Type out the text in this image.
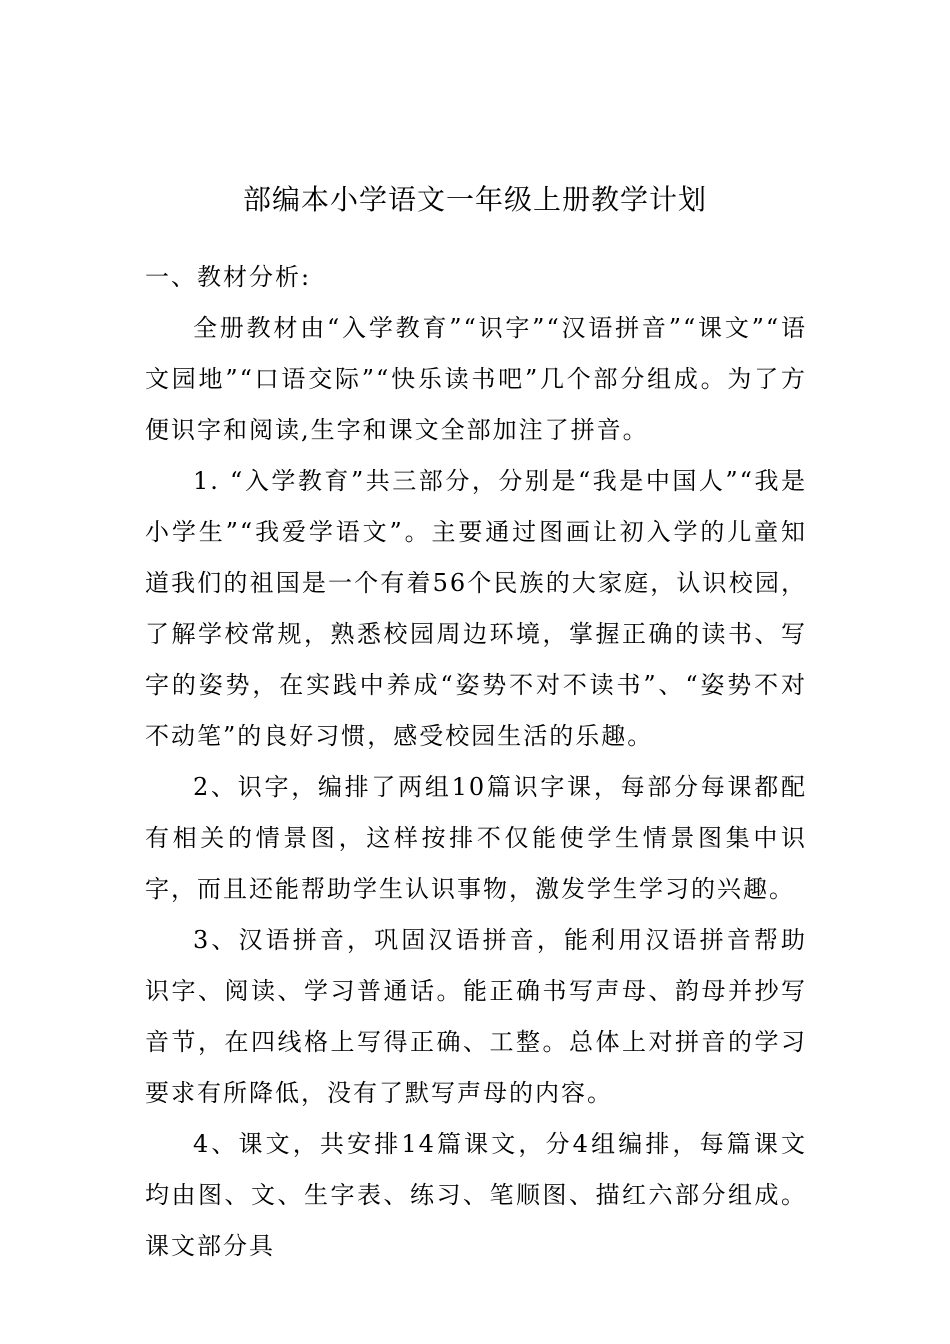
部编本小学语文一年级上册教学计划

一、教材分析:

全册教材由“入学教育”“识字”“汉语拼音”“课文”“语文园地”“口语交际”“快乐读书吧”几个部分组成。为了方便识字和阅读,生字和课文全部加注了拼音。

1. “入学教育”共三部分，分别是“我是中国人”“我是小学生”“我爱学语文”。主要通过图画让初入学的儿童知道我们的祖国是一个有着56个民族的大家庭，认识校园，了解学校常规，熟悉校园周边环境，掌握正确的读书、写字的姿势，在实践中养成“姿势不对不读书”、“姿势不对不动笔”的良好习惯，感受校园生活的乐趣。

2、识字，编排了两组10篇识字课，每部分每课都配有相关的情景图，这样按排不仅能使学生情景图集中识字，而且还能帮助学生认识事物，激发学生学习的兴趣。

3、汉语拼音，巩固汉语拼音，能利用汉语拼音帮助识字、阅读、学习普通话。能正确书写声母、韵母并抄写音节，在四线格上写得正确、工整。总体上对拼音的学习要求有所降低，没有了默写声母的内容。

4、课文，共安排14篇课文，分4组编排，每篇课文均由图、文、生字表、练习、笔顺图、描红六部分组成。课文部分具
